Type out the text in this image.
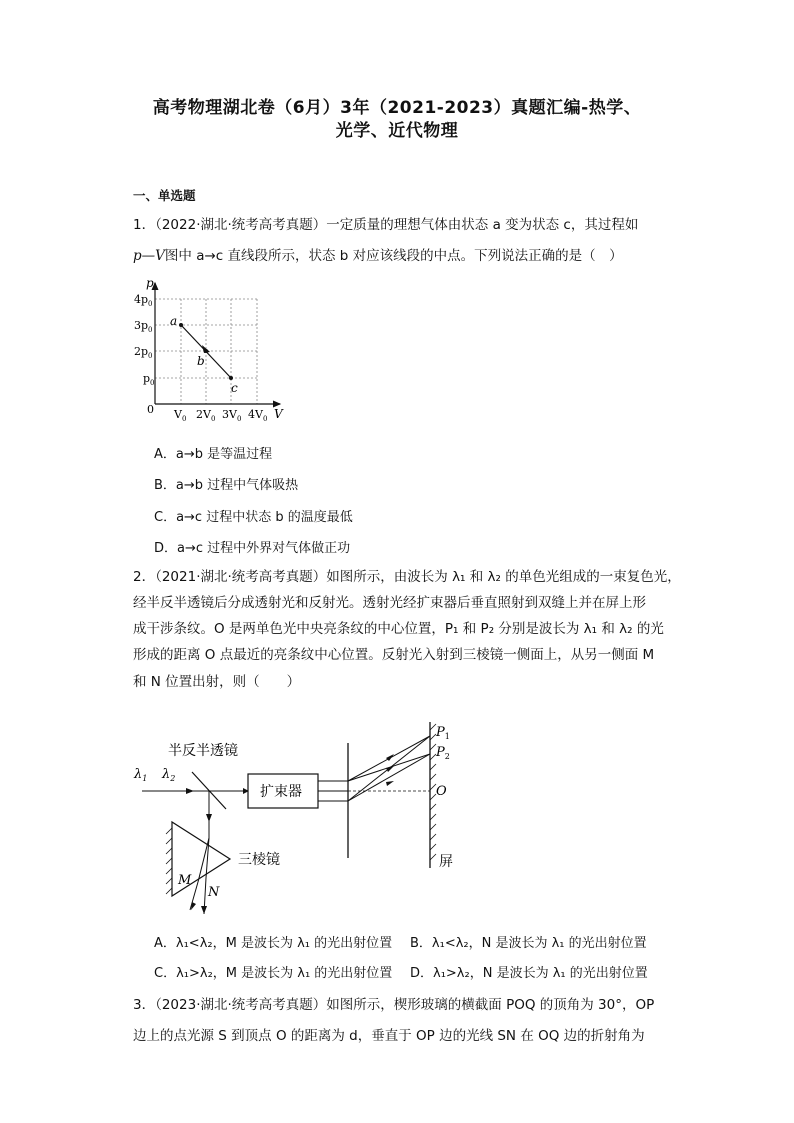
高考物理湖北卷（6月）3年（2021-2023）真题汇编-热学、
光学、近代物理
一、单选题
1．（2022·湖北·统考高考真题）一定质量的理想气体由状态 a 变为状态 c，其过程如
p—V图中 a→c 直线段所示，状态 b 对应该线段的中点。下列说法正确的是（　）
p
V
0
$4p_0$
$3p_0$
$2p_0$
$p_0$
$V_0$ $2V_0$ $3V_0$ $4V_0$
a
b
c
A．a→b 是等温过程
B．a→b 过程中气体吸热
C．a→c 过程中状态 b 的温度最低
D．a→c 过程中外界对气体做正功
2．（2021·湖北·统考高考真题）如图所示，由波长为 λ₁ 和 λ₂ 的单色光组成的一束复色光，
经半反半透镜后分成透射光和反射光。透射光经扩束器后垂直照射到双缝上并在屏上形
成干涉条纹。O 是两单色光中央亮条纹的中心位置，P₁ 和 P₂ 分别是波长为 λ₁ 和 λ₂ 的光
形成的距离 O 点最近的亮条纹中心位置。反射光入射到三棱镜一侧面上，从另一侧面 M
和 N 位置出射，则（　　）
半反半透镜
$\lambda_1$ $\lambda_2$
扩束器
$P_1$
$P_2$
O
屏
三棱镜
M
N
A．λ₁<λ₂，M 是波长为 λ₁ 的光出射位置 B．λ₁<λ₂，N 是波长为 λ₁ 的光出射位置
C．λ₁>λ₂，M 是波长为 λ₁ 的光出射位置 D．λ₁>λ₂，N 是波长为 λ₁ 的光出射位置
3．（2023·湖北·统考高考真题）如图所示，楔形玻璃的横截面 POQ 的顶角为 30°，OP
边上的点光源 S 到顶点 O 的距离为 d，垂直于 OP 边的光线 SN 在 OQ 边的折射角为
